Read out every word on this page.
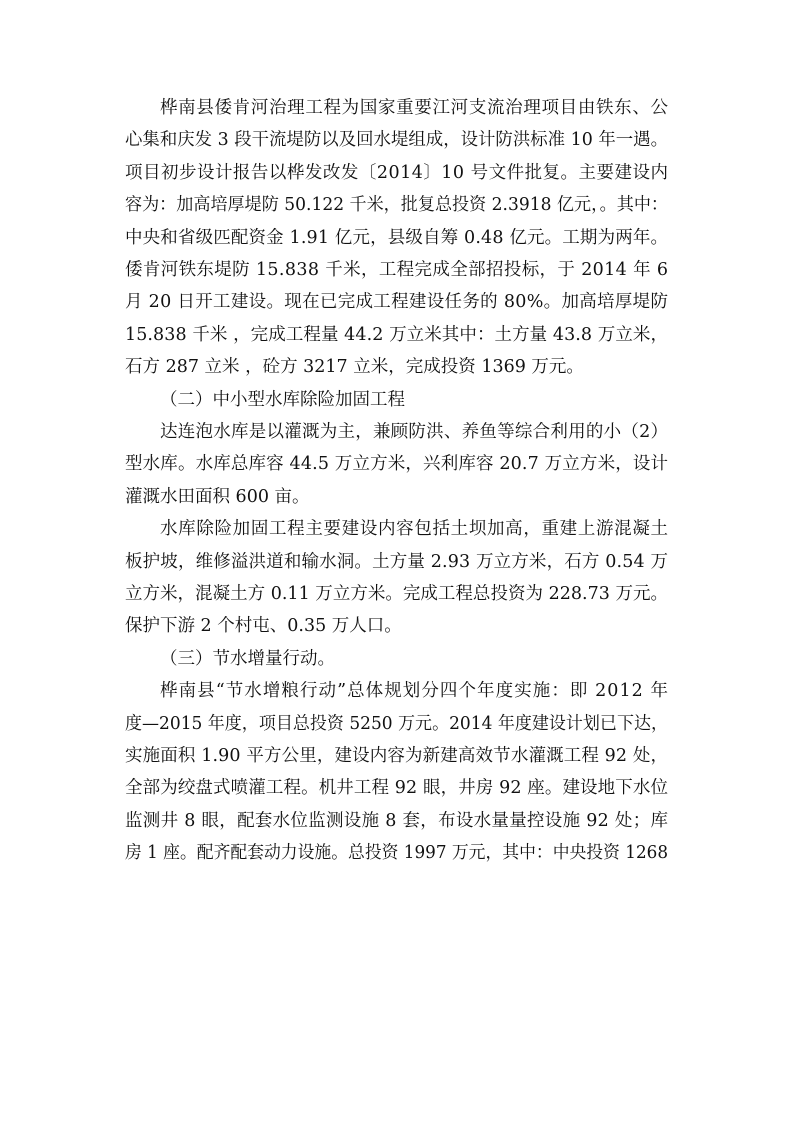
桦南县倭肯河治理工程为国家重要江河支流治理项目由铁东、公
心集和庆发 3 段干流堤防以及回水堤组成，设计防洪标准 10 年一遇。
项目初步设计报告以桦发改发〔2014〕10 号文件批复。主要建设内
容为：加高培厚堤防 50.122 千米，批复总投资 2.3918 亿元，。其中：
中央和省级匹配资金 1.91 亿元，县级自筹 0.48 亿元。工期为两年。
倭肯河铁东堤防 15.838 千米，工程完成全部招投标，于 2014 年 6
月 20 日开工建设。现在已完成工程建设任务的 80%。加高培厚堤防
15.838 千米 ，完成工程量 44.2 万立米其中：土方量 43.8 万立米，
石方 287 立米 ，砼方 3217 立米，完成投资 1369 万元。
（二）中小型水库除险加固工程
达连泡水库是以灌溉为主，兼顾防洪、养鱼等综合利用的小（2）
型水库。水库总库容 44.5 万立方米，兴利库容 20.7 万立方米，设计
灌溉水田面积 600 亩。
水库除险加固工程主要建设内容包括土坝加高，重建上游混凝土
板护坡，维修溢洪道和输水洞。土方量 2.93 万立方米，石方 0.54 万
立方米，混凝土方 0.11 万立方米。完成工程总投资为 228.73 万元。
保护下游 2 个村屯、0.35 万人口。
（三）节水增量行动。
桦南县“节水增粮行动”总体规划分四个年度实施：即 2012 年
度—2015 年度，项目总投资 5250 万元。2014 年度建设计划已下达，
实施面积 1.90 平方公里，建设内容为新建高效节水灌溉工程 92 处，
全部为绞盘式喷灌工程。机井工程 92 眼，井房 92 座。建设地下水位
监测井 8 眼，配套水位监测设施 8 套，布设水量量控设施 92 处；库
房 1 座。配齐配套动力设施。总投资 1997 万元，其中：中央投资 1268
